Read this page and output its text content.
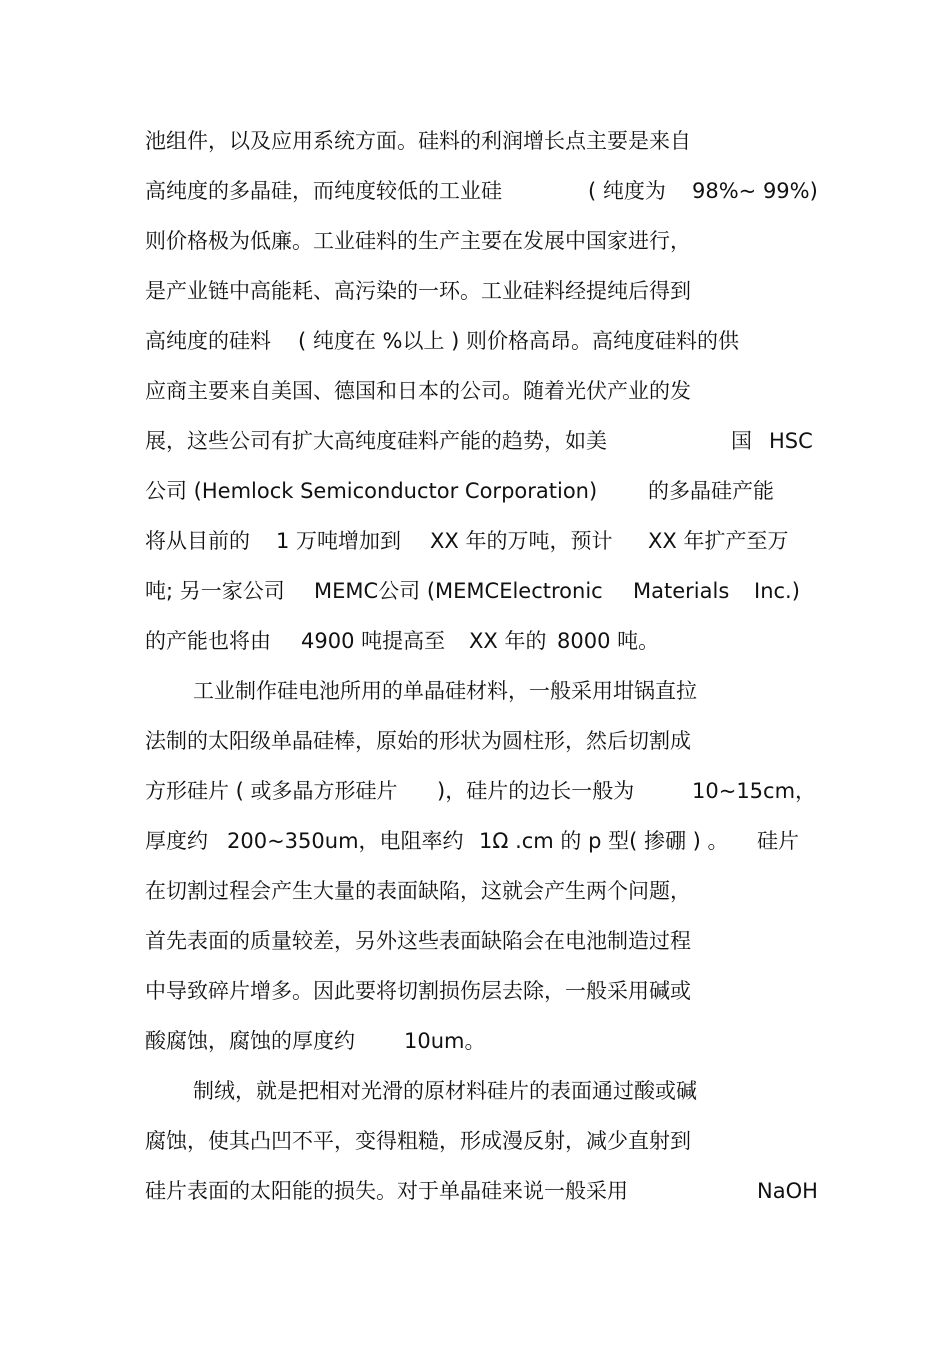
池组件，以及应用系统方面。硅料的利润增长点主要是来自
高纯度的多晶硅，而纯度较低的工业硅	( 纯度为 98%~ 99%)
则价格极为低廉。工业硅料的生产主要在发展中国家进行，
是产业链中高能耗、高污染的一环。工业硅料经提纯后得到
高纯度的硅料 ( 纯度在 %以上 ) 则价格高昂。高纯度硅料的供
应商主要来自美国、德国和日本的公司。随着光伏产业的发
展，这些公司有扩大高纯度硅料产能的趋势，如美	国 HSC
公司 (Hemlock Semiconductor Corporation) 的多晶硅产能
将从目前的 1 万吨增加到 XX 年的万吨，预计 XX 年扩产至万
吨; 另一家公司 MEMC公司 (MEMCElectronic Materials Inc.)
的产能也将由 4900 吨提高至 XX 年的 8000 吨。
工业制作硅电池所用的单晶硅材料，一般采用坩锅直拉
法制的太阳级单晶硅棒，原始的形状为圆柱形，然后切割成
方形硅片 ( 或多晶方形硅片 )，硅片的边长一般为	10~15cm，
厚度约 200~350um，电阻率约 1Ω .cm 的 p 型( 掺硼 ) 。 硅片
在切割过程会产生大量的表面缺陷，这就会产生两个问题，
首先表面的质量较差，另外这些表面缺陷会在电池制造过程
中导致碎片增多。因此要将切割损伤层去除，一般采用碱或
酸腐蚀，腐蚀的厚度约 10um。
制绒，就是把相对光滑的原材料硅片的表面通过酸或碱
腐蚀，使其凸凹不平，变得粗糙，形成漫反射，减少直射到
硅片表面的太阳能的损失。对于单晶硅来说一般采用	NaOH
